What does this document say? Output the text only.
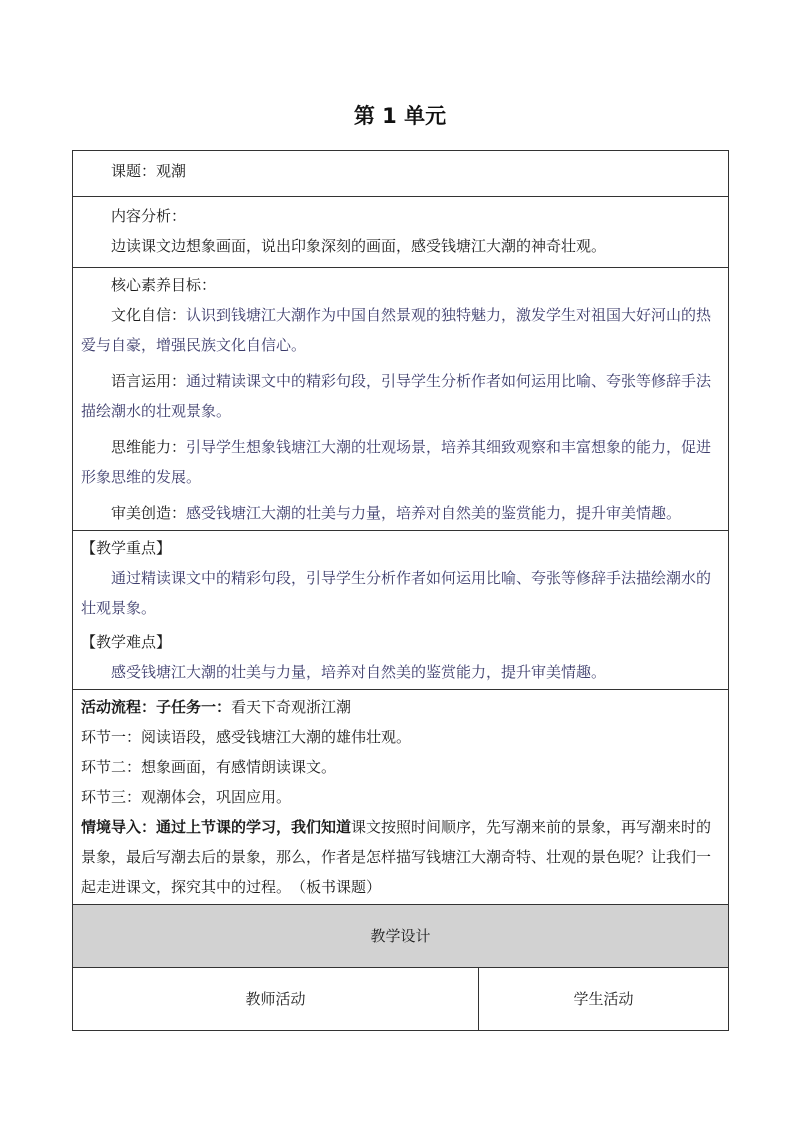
第 1 单元

课题：观潮

内容分析：

边读课文边想象画面，说出印象深刻的画面，感受钱塘江大潮的神奇壮观。

核心素养目标：

文化自信：认识到钱塘江大潮作为中国自然景观的独特魅力，激发学生对祖国大好河山的热爱与自豪，增强民族文化自信心。

语言运用：通过精读课文中的精彩句段，引导学生分析作者如何运用比喻、夸张等修辞手法描绘潮水的壮观景象。

思维能力：引导学生想象钱塘江大潮的壮观场景，培养其细致观察和丰富想象的能力，促进形象思维的发展。

审美创造：感受钱塘江大潮的壮美与力量，培养对自然美的鉴赏能力，提升审美情趣。

【教学重点】

通过精读课文中的精彩句段，引导学生分析作者如何运用比喻、夸张等修辞手法描绘潮水的壮观景象。

【教学难点】

感受钱塘江大潮的壮美与力量，培养对自然美的鉴赏能力，提升审美情趣。

活动流程：子任务一：看天下奇观浙江潮

环节一：阅读语段，感受钱塘江大潮的雄伟壮观。

环节二：想象画面，有感情朗读课文。

环节三：观潮体会，巩固应用。

情境导入：通过上节课的学习，我们知道课文按照时间顺序，先写潮来前的景象，再写潮来时的景象，最后写潮去后的景象，那么，作者是怎样描写钱塘江大潮奇特、壮观的景色呢？让我们一起走进课文，探究其中的过程。　（板书课题）

教学设计
教师活动	学生活动
